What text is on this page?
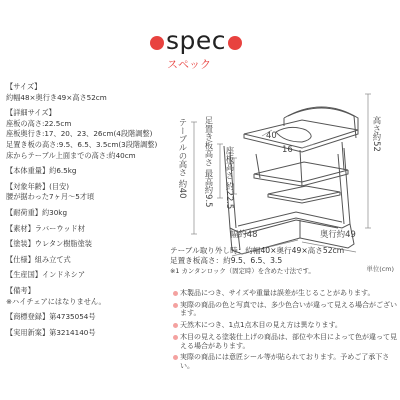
spec
スペック
【サイズ】
約幅48×奥行き49×高さ52cm
【詳細サイズ】
座板の高さ:22.5cm
座板奥行き:17、20、23、26cm(4段階調整)
足置き板の高さ:9.5、6.5、3.5cm(3段階調整)
床からテーブル上面までの高さ:約40cm
【本体重量】約6.5kg
【対象年齢】(目安)
腰が据わった7ヶ月〜5才頃
【耐荷重】約30kg
【素材】ラバーウッド材
【塗装】ウレタン樹脂塗装
【仕様】組み立て式
【生産国】インドネシア
【備考】
※ハイチェアにはなりません。
【商標登録】第4735054号
【実用新案】第3214140号
テーブルの高さ 約40 足置き板高さ 最高約9.5 座板高さ 約22.5
高さ約52
40
16
幅約48	奥行約49
テーブル取り外し時：約幅40×奥行49×高さ52cm
足置き板高さ：約9.5、6.5、3.5
※1 カンタンロック（固定時）を含めた寸法です。	単位(cm)
木製品につき、サイズや重量は誤差が生じることがあります。
実際の商品の色と写真では、多少色合いが違って見える場合がございます。
天然木につき、1点1点木目の見え方は異なります。
木目の見える塗装仕上げの商品は、部位や木目によって色が違って見える場合があります。
実際の商品には意匠シール等が貼られております。予めご了承下さい。
